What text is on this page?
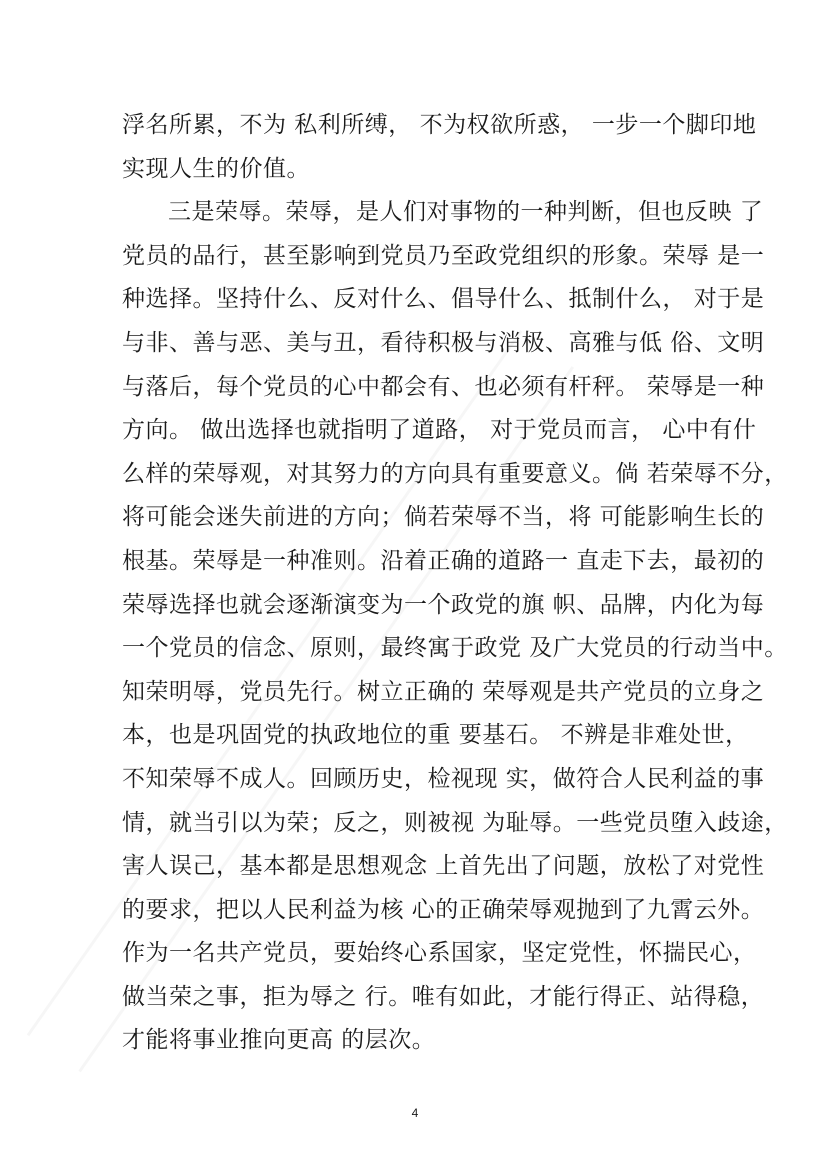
浮名所累，不为 私利所缚， 不为权欲所惑， 一步一个脚印地
实现人生的价值。
三是荣辱。荣辱，是人们对事物的一种判断，但也反映 了
党员的品行，甚至影响到党员乃至政党组织的形象。荣辱 是一
种选择。坚持什么、反对什么、倡导什么、抵制什么， 对于是
与非、善与恶、美与丑，看待积极与消极、高雅与低 俗、文明
与落后，每个党员的心中都会有、也必须有杆秤。 荣辱是一种
方向。 做出选择也就指明了道路， 对于党员而言， 心中有什
么样的荣辱观，对其努力的方向具有重要意义。倘 若荣辱不分，
将可能会迷失前进的方向；倘若荣辱不当，将 可能影响生长的
根基。荣辱是一种准则。沿着正确的道路一 直走下去，最初的
荣辱选择也就会逐渐演变为一个政党的旗 帜、品牌，内化为每
一个党员的信念、原则，最终寓于政党 及广大党员的行动当中。
知荣明辱，党员先行。树立正确的 荣辱观是共产党员的立身之
本，也是巩固党的执政地位的重 要基石。 不辨是非难处世，
不知荣辱不成人。回顾历史，检视现 实，做符合人民利益的事
情，就当引以为荣；反之，则被视 为耻辱。一些党员堕入歧途，
害人误己，基本都是思想观念 上首先出了问题，放松了对党性
的要求，把以人民利益为核 心的正确荣辱观抛到了九霄云外。
作为一名共产党员，要始终心系国家，坚定党性，怀揣民心，
做当荣之事，拒为辱之 行。唯有如此，才能行得正、站得稳，
才能将事业推向更高 的层次。
4
